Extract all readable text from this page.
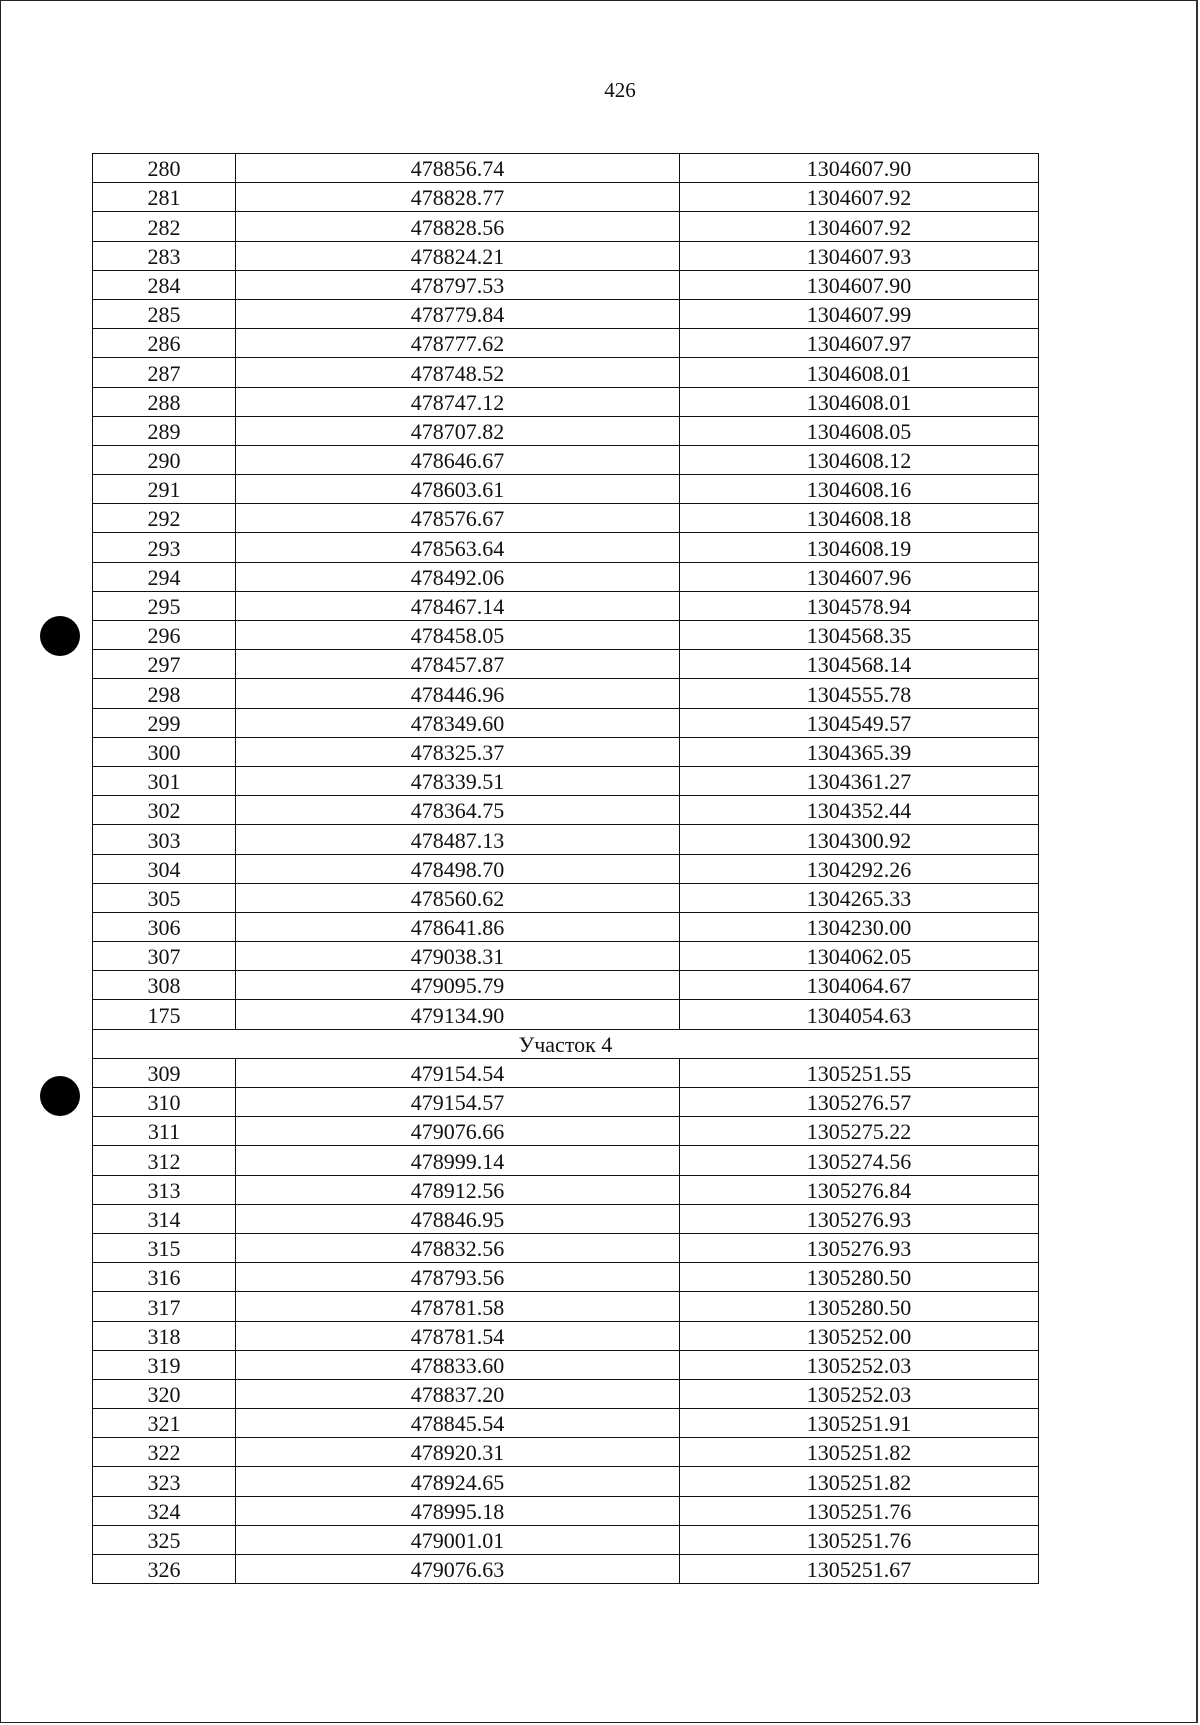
426
280	478856.74	1304607.90
281	478828.77	1304607.92
282	478828.56	1304607.92
283	478824.21	1304607.93
284	478797.53	1304607.90
285	478779.84	1304607.99
286	478777.62	1304607.97
287	478748.52	1304608.01
288	478747.12	1304608.01
289	478707.82	1304608.05
290	478646.67	1304608.12
291	478603.61	1304608.16
292	478576.67	1304608.18
293	478563.64	1304608.19
294	478492.06	1304607.96
295	478467.14	1304578.94
296	478458.05	1304568.35
297	478457.87	1304568.14
298	478446.96	1304555.78
299	478349.60	1304549.57
300	478325.37	1304365.39
301	478339.51	1304361.27
302	478364.75	1304352.44
303	478487.13	1304300.92
304	478498.70	1304292.26
305	478560.62	1304265.33
306	478641.86	1304230.00
307	479038.31	1304062.05
308	479095.79	1304064.67
175	479134.90	1304054.63
Участок 4		
309	479154.54	1305251.55
310	479154.57	1305276.57
311	479076.66	1305275.22
312	478999.14	1305274.56
313	478912.56	1305276.84
314	478846.95	1305276.93
315	478832.56	1305276.93
316	478793.56	1305280.50
317	478781.58	1305280.50
318	478781.54	1305252.00
319	478833.60	1305252.03
320	478837.20	1305252.03
321	478845.54	1305251.91
322	478920.31	1305251.82
323	478924.65	1305251.82
324	478995.18	1305251.76
325	479001.01	1305251.76
326	479076.63	1305251.67
